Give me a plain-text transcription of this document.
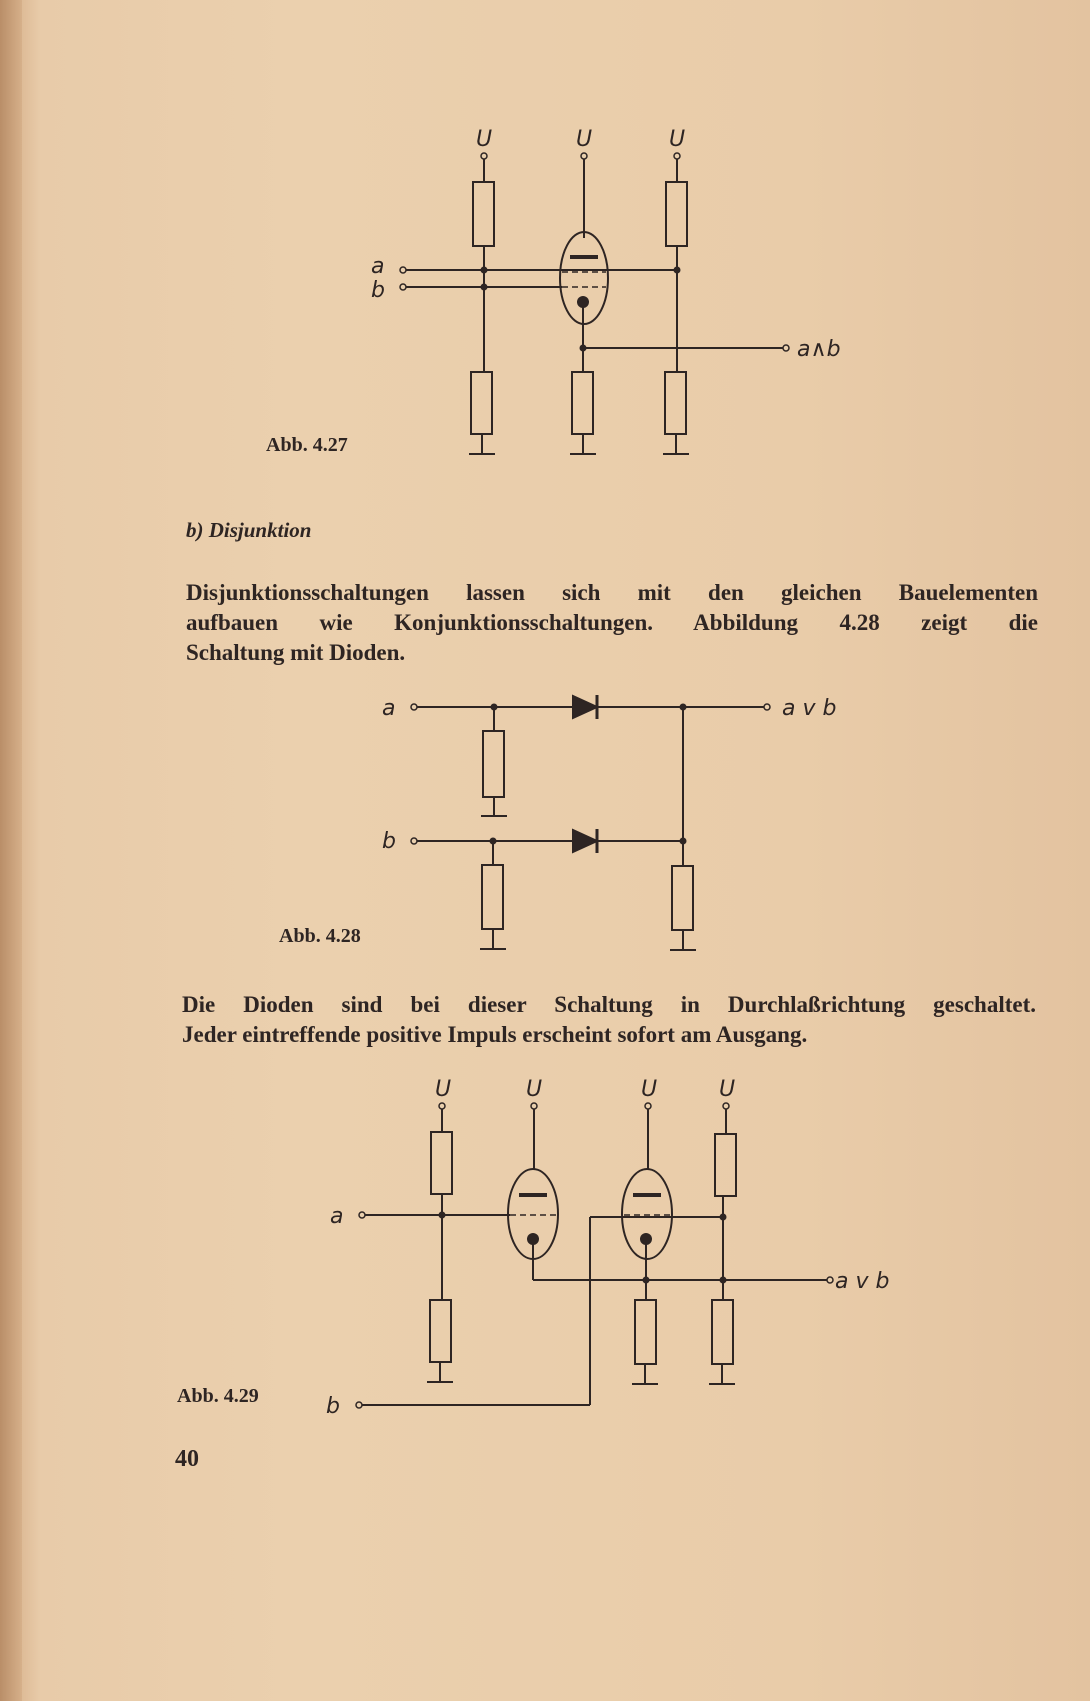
U	U	U
a
b
a∧b
Abb. 4.27
b) Disjunktion
Disjunktionsschaltungen lassen sich mit den gleichen Bauelementen
aufbauen wie Konjunktionsschaltungen. Abbildung 4.28 zeigt die
Schaltung mit Dioden.
a
b
a v b
Abb. 4.28
Die Dioden sind bei dieser Schaltung in Durchlaßrichtung geschaltet.
Jeder eintreffende positive Impuls erscheint sofort am Ausgang.
U	U	U	U
a
a v b
b
Abb. 4.29
40
